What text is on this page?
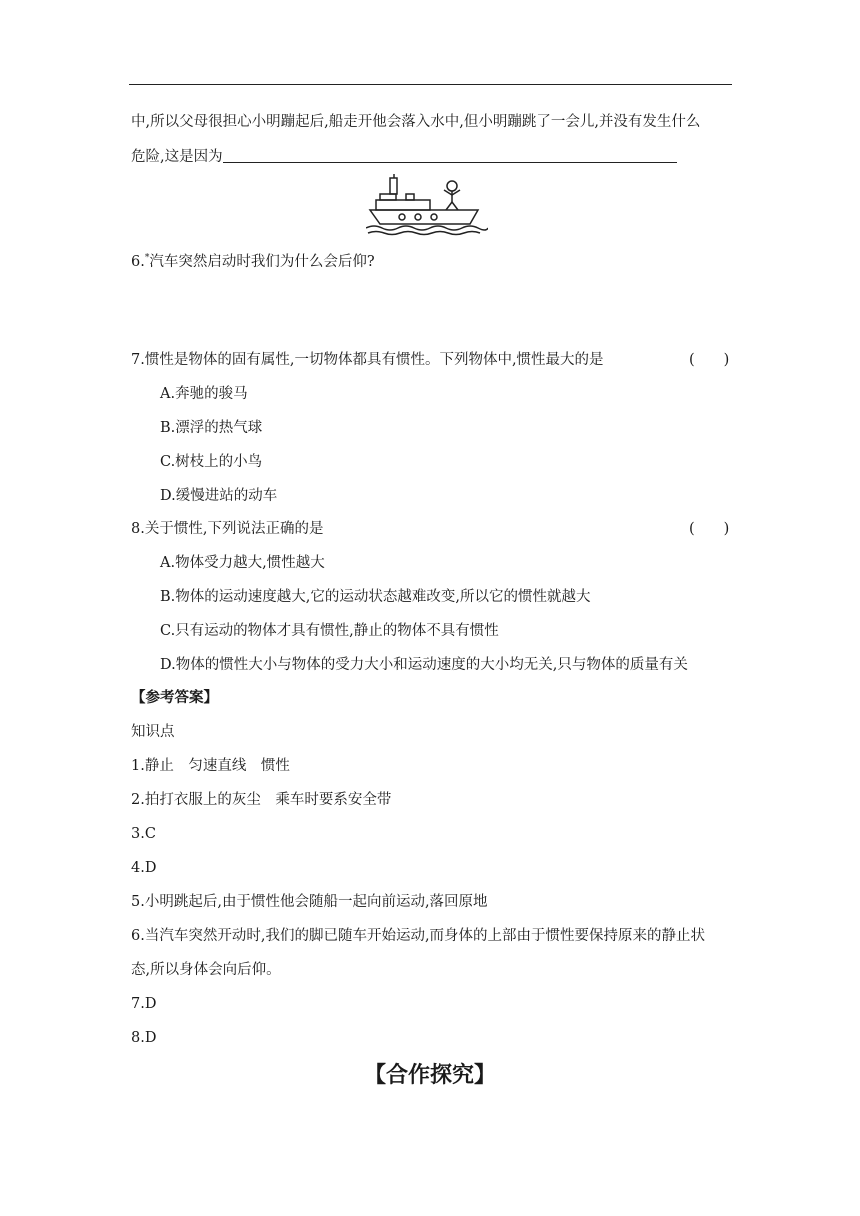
中,所以父母很担心小明蹦起后,船走开他会落入水中,但小明蹦跳了一会儿,并没有发生什么
危险,这是因为
6.*汽车突然启动时我们为什么会后仰?
7.惯性是物体的固有属性,一切物体都具有惯性。下列物体中,惯性最大的是	(　　)
A.奔驰的骏马
B.漂浮的热气球
C.树枝上的小鸟
D.缓慢进站的动车
8.关于惯性,下列说法正确的是	(　　)
A.物体受力越大,惯性越大
B.物体的运动速度越大,它的运动状态越难改变,所以它的惯性就越大
C.只有运动的物体才具有惯性,静止的物体不具有惯性
D.物体的惯性大小与物体的受力大小和运动速度的大小均无关,只与物体的质量有关
【参考答案】
知识点
1.静止　匀速直线　惯性
2.拍打衣服上的灰尘　乘车时要系安全带
3.C
4.D
5.小明跳起后,由于惯性他会随船一起向前运动,落回原地
6.当汽车突然开动时,我们的脚已随车开始运动,而身体的上部由于惯性要保持原来的静止状
态,所以身体会向后仰。
7.D
8.D
【合作探究】
